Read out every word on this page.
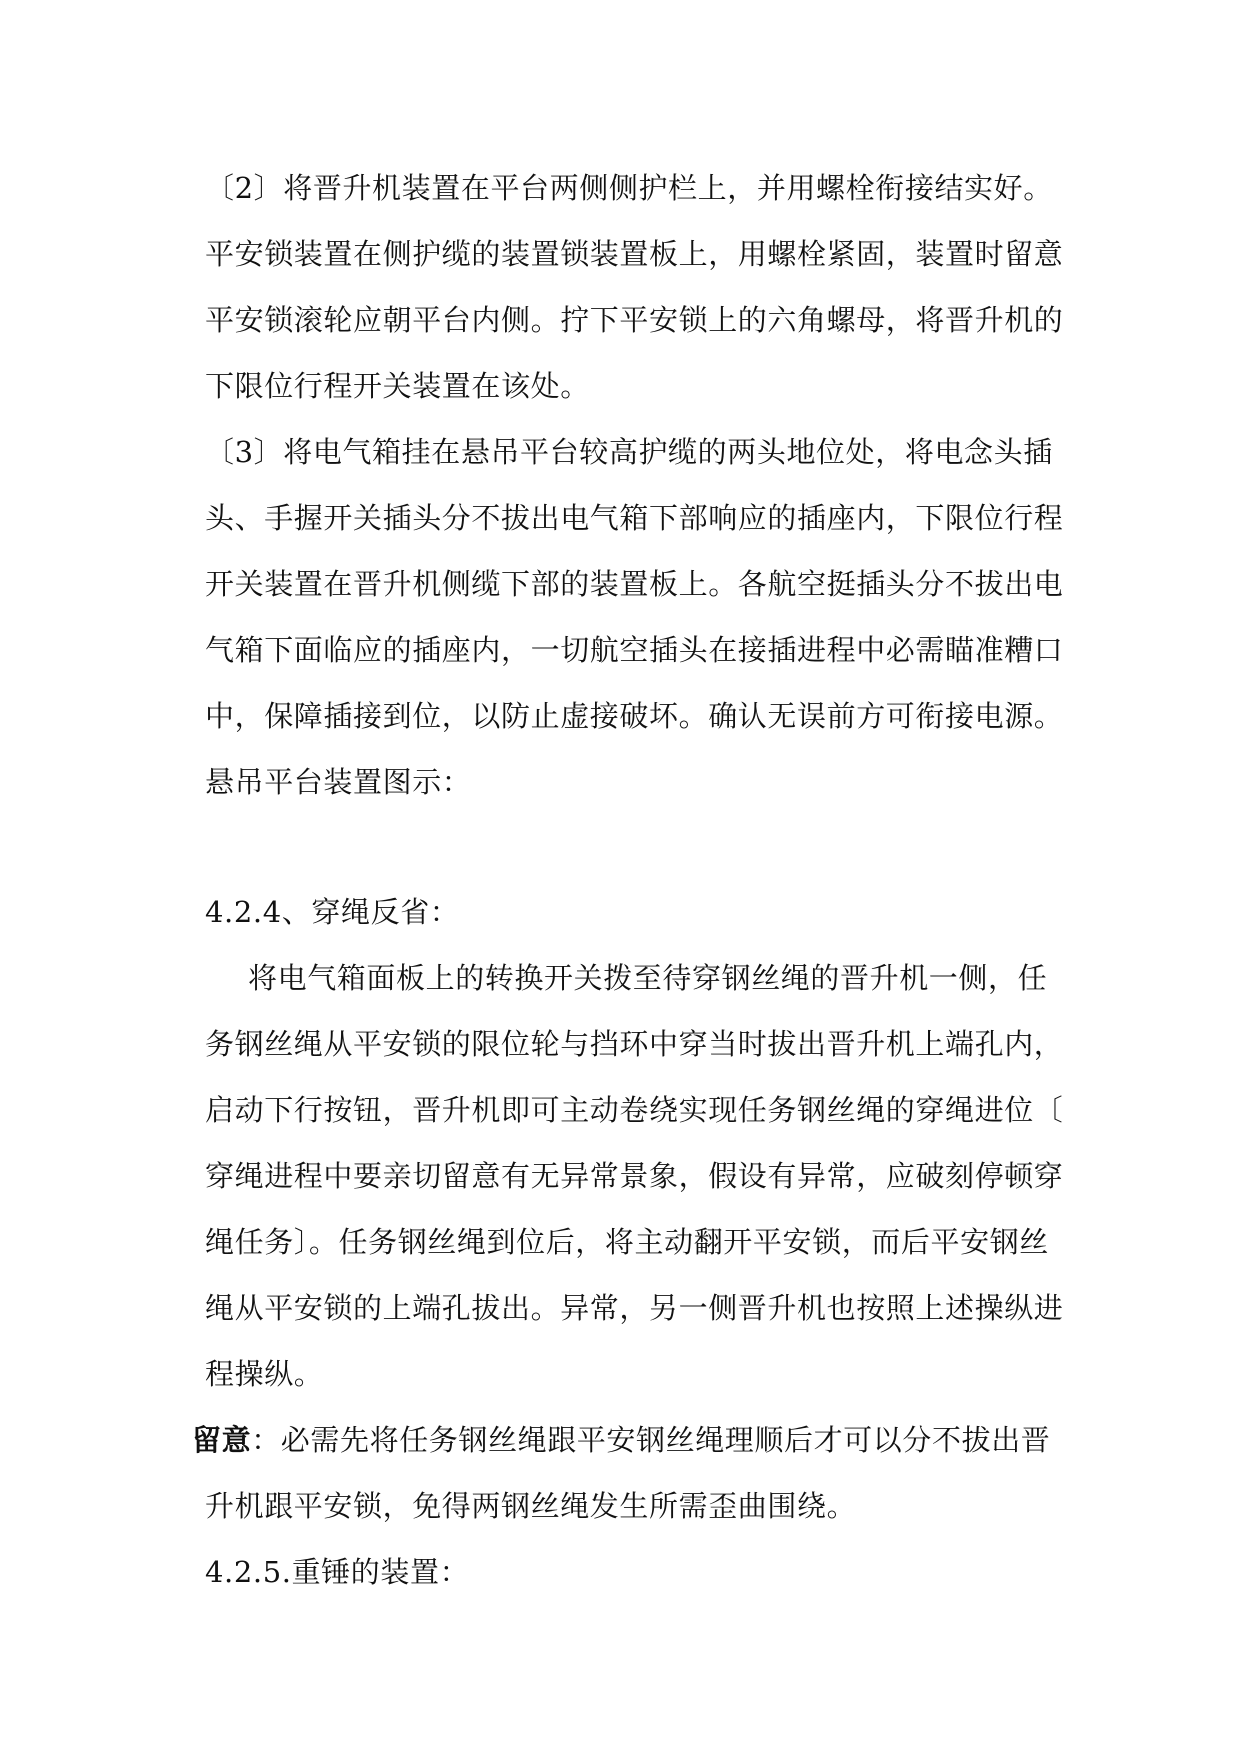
〔2〕将晋升机装置在平台两侧侧护栏上，并用螺栓衔接结实好。
平安锁装置在侧护缆的装置锁装置板上，用螺栓紧固，装置时留意
平安锁滚轮应朝平台内侧。拧下平安锁上的六角螺母，将晋升机的
下限位行程开关装置在该处。
〔3〕将电气箱挂在悬吊平台较高护缆的两头地位处，将电念头插
头、手握开关插头分不拔出电气箱下部响应的插座内，下限位行程
开关装置在晋升机侧缆下部的装置板上。各航空挺插头分不拔出电
气箱下面临应的插座内，一切航空插头在接插进程中必需瞄准糟口
中，保障插接到位，以防止虚接破坏。确认无误前方可衔接电源。
悬吊平台装置图示：
4.2.4、穿绳反省：
将电气箱面板上的转换开关拨至待穿钢丝绳的晋升机一侧，任
务钢丝绳从平安锁的限位轮与挡环中穿当时拔出晋升机上端孔内，
启动下行按钮，晋升机即可主动卷绕实现任务钢丝绳的穿绳进位〔
穿绳进程中要亲切留意有无异常景象，假设有异常，应破刻停顿穿
绳任务〕。任务钢丝绳到位后，将主动翻开平安锁，而后平安钢丝
绳从平安锁的上端孔拔出。异常，另一侧晋升机也按照上述操纵进
程操纵。
留意：必需先将任务钢丝绳跟平安钢丝绳理顺后才可以分不拔出晋
升机跟平安锁，免得两钢丝绳发生所需歪曲围绕。
4.2.5.重锤的装置：
